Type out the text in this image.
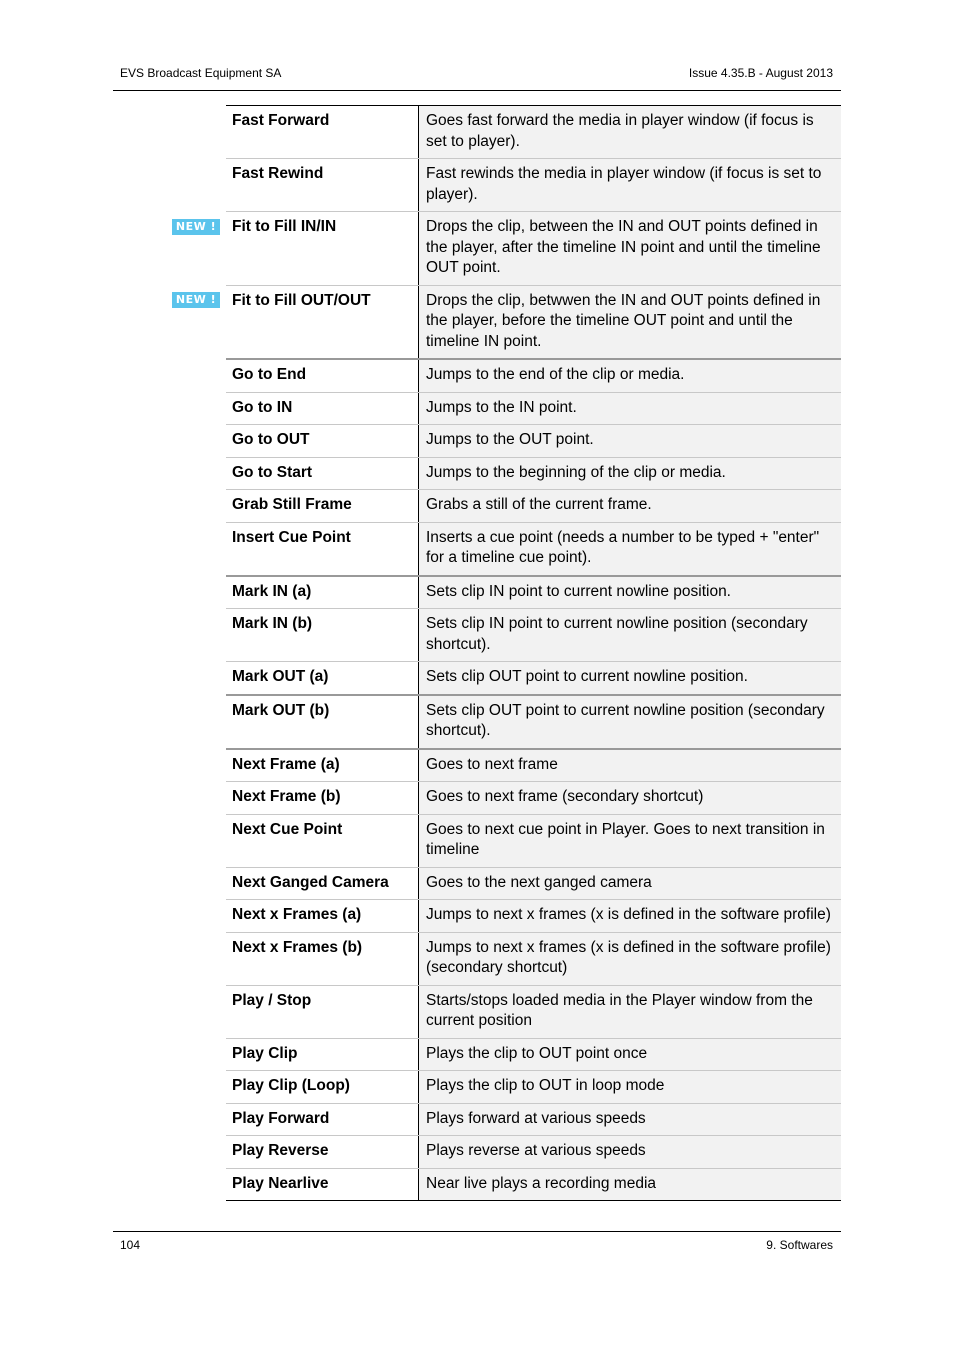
EVS Broadcast Equipment SA	Issue 4.35.B - August 2013
Fast Forward	Goes fast forward the media in player window (if focus is set to player).
Fast Rewind	Fast rewinds the media in player window (if focus is set to player).
Fit to Fill IN/IN	Drops the clip, between the IN and OUT points defined in the player, after the timeline IN point and until the timeline OUT point.
Fit to Fill OUT/OUT	Drops the clip, betwwen the IN and OUT points defined in the player, before the timeline OUT point and until the timeline IN point.
Go to End	Jumps to the end of the clip or media.
Go to IN	Jumps to the IN point.
Go to OUT	Jumps to the OUT point.
Go to Start	Jumps to the beginning of the clip or media.
Grab Still Frame	Grabs a still of the current frame.
Insert Cue Point	Inserts a cue point (needs a number to be typed + "enter" for a timeline cue point).
Mark IN (a)	Sets clip IN point to current nowline position.
Mark IN (b)	Sets clip IN point to current nowline position (secondary shortcut).
Mark OUT (a)	Sets clip OUT point to current nowline position.
Mark OUT (b)	Sets clip OUT point to current nowline position (secondary shortcut).
Next Frame (a)	Goes to next frame
Next Frame (b)	Goes to next frame (secondary shortcut)
Next Cue Point	Goes to next cue point in Player. Goes to next transition in timeline
Next Ganged Camera	Goes to the next ganged camera
Next x Frames (a)	Jumps to next x frames (x is defined in the software profile)
Next x Frames (b)	Jumps to next x frames (x is defined in the software profile) (secondary shortcut)
Play / Stop	Starts/stops loaded media in the Player window from the current position
Play Clip	Plays the clip to OUT point once
Play Clip (Loop)	Plays the clip to OUT in loop mode
Play Forward	Plays forward at various speeds
Play Reverse	Plays reverse at various speeds
Play Nearlive	Near live plays a recording media
NEW !
NEW !
104	9. Softwares
